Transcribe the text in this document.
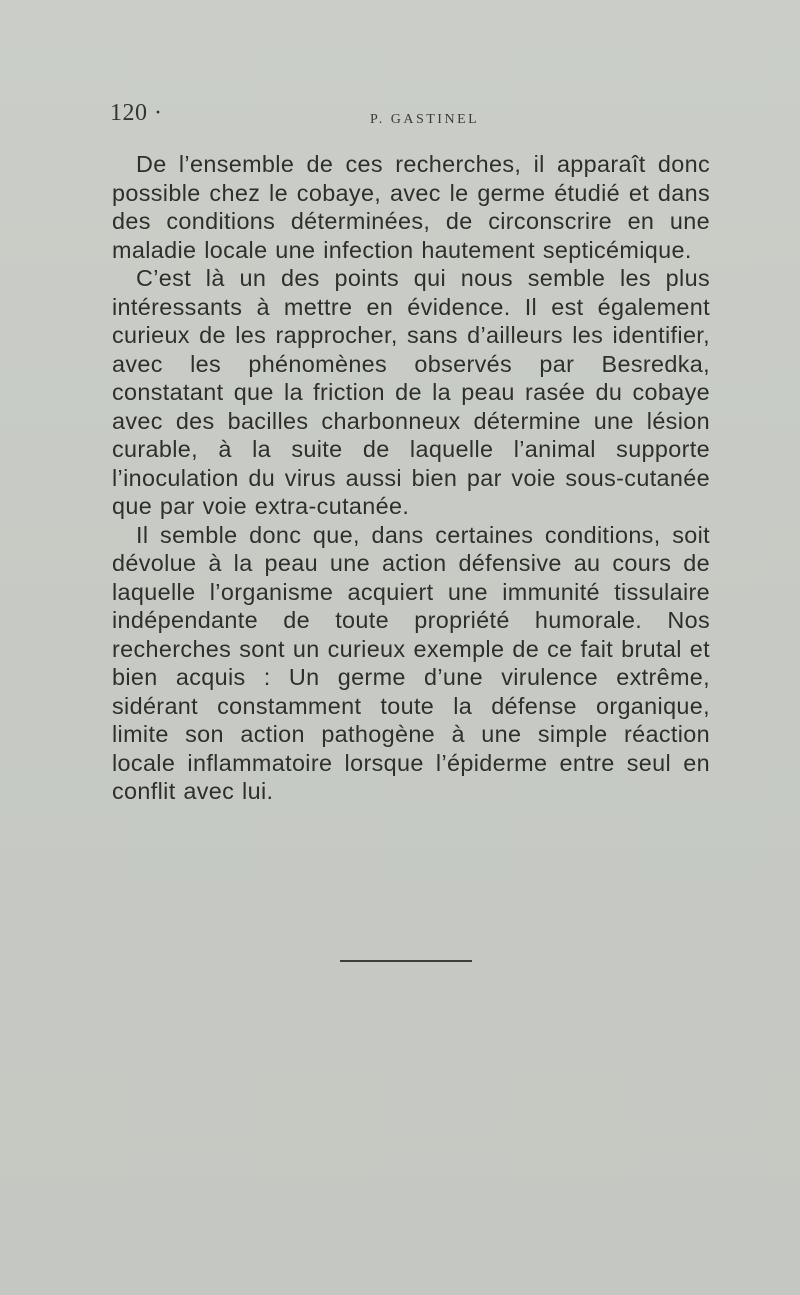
120 ·	P. GASTINEL

De l’ensemble de ces recherches, il apparaît donc possible chez le cobaye, avec le germe étudié et dans des conditions déterminées, de circonscrire en une maladie locale une infection hautement septicémique.

C’est là un des points qui nous semble les plus intéressants à mettre en évidence. Il est également curieux de les rapprocher, sans d’ailleurs les identifier, avec les phénomènes observés par Besredka, constatant que la friction de la peau rasée du cobaye avec des bacilles charbonneux détermine une lésion curable, à la suite de laquelle l’animal supporte l’inoculation du virus aussi bien par voie sous-cutanée que par voie extra-cutanée.

Il semble donc que, dans certaines conditions, soit dévolue à la peau une action défensive au cours de laquelle l’organisme acquiert une immunité tissulaire indépendante de toute propriété humorale. Nos recherches sont un curieux exemple de ce fait brutal et bien acquis : Un germe d’une virulence extrême, sidérant constamment toute la défense organique, limite son action pathogène à une simple réaction locale inflammatoire lorsque l’épiderme entre seul en conflit avec lui.
